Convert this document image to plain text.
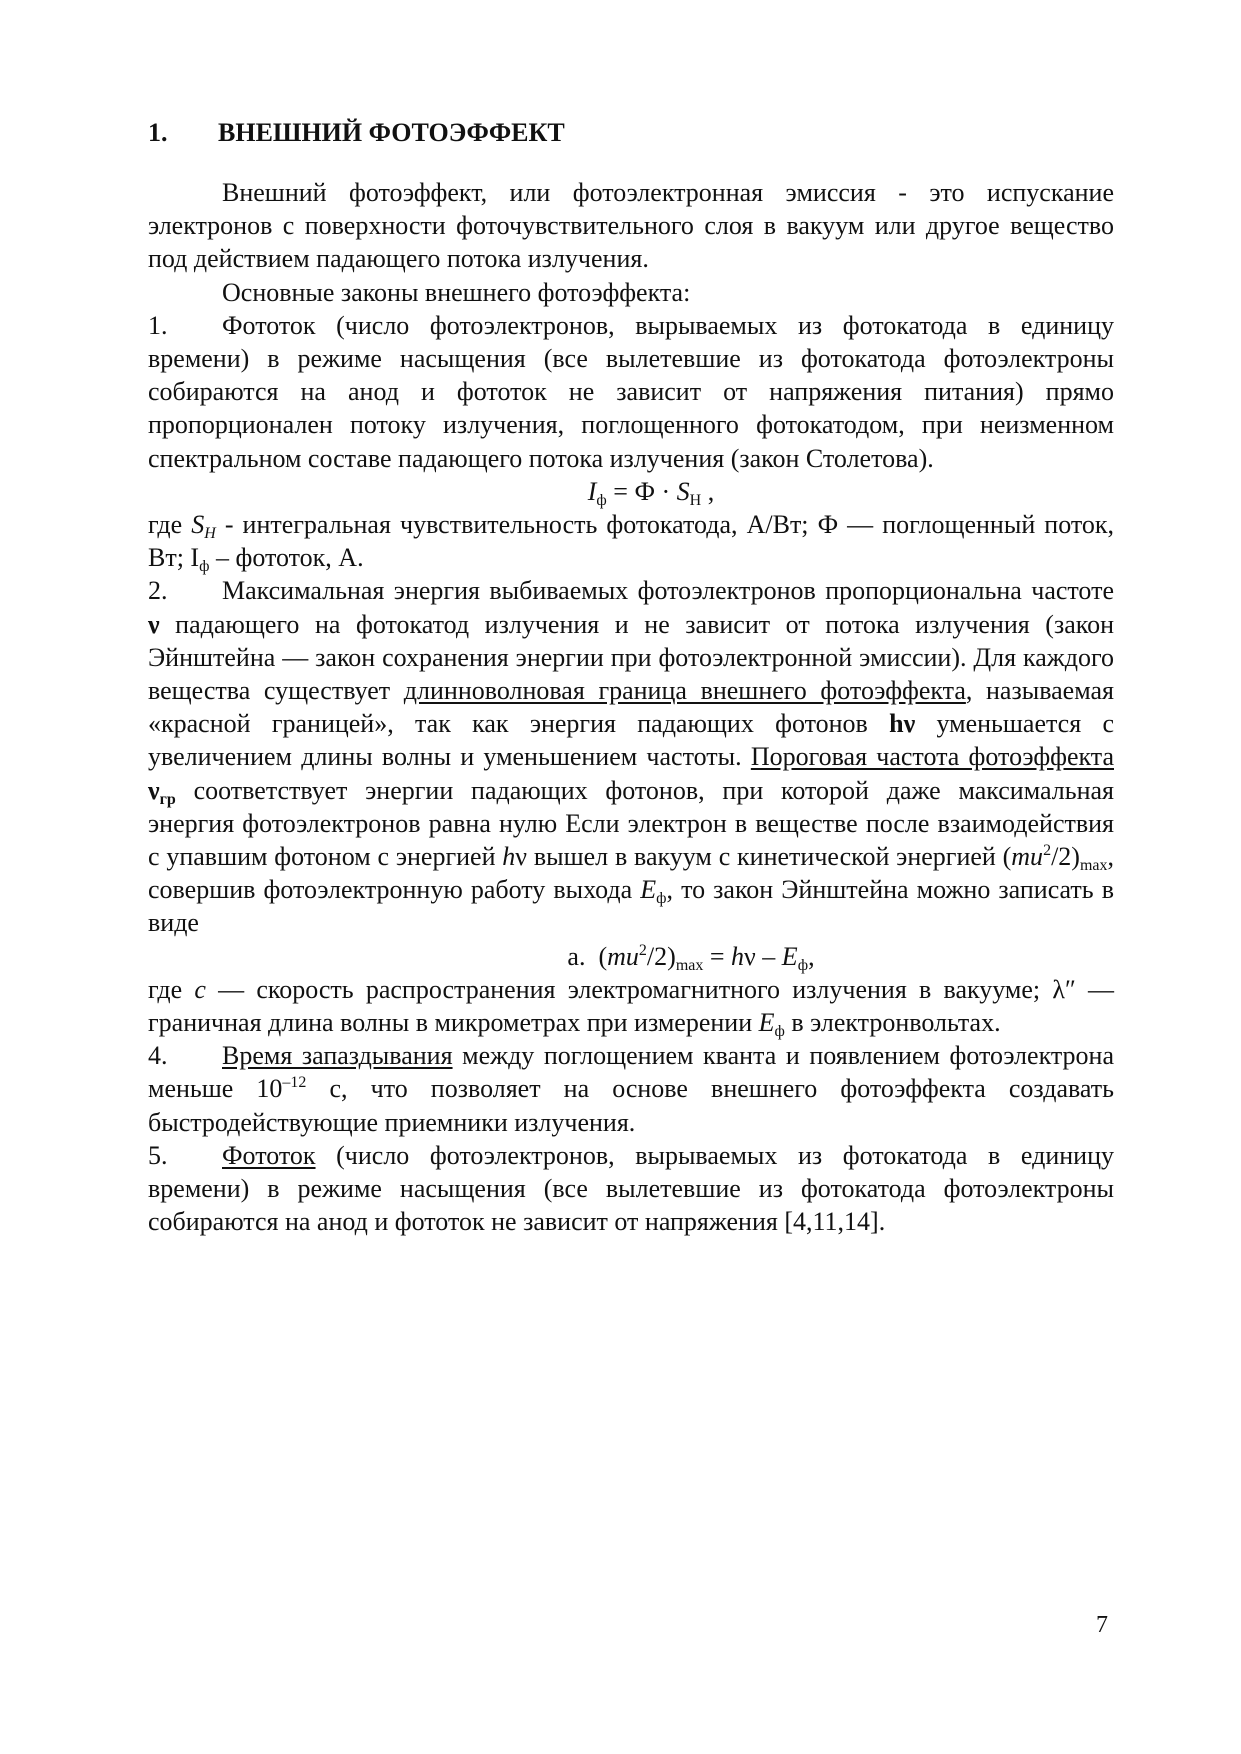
1. ВНЕШНИЙ ФОТОЭФФЕКТ

Внешний фотоэффект, или фотоэлектронная эмиссия - это испускание электронов с поверхности фоточувствительного слоя в вакуум или другое вещество под действием падающего потока излучения.

Основные законы внешнего фотоэффекта:

1. Фототок (число фотоэлектронов, вырываемых из фотокатода в единицу времени) в режиме насыщения (все вылетевшие из фотокатода фотоэлектроны собираются на анод и фототок не зависит от напряжения питания) прямо пропорционален потоку излучения, поглощенного фотокатодом, при неизменном спектральном составе падающего потока излучения (закон Столетова).

$I_ф = Ф \cdot S_Н$ ,

где $S_H$ - интегральная чувствительность фотокатода, А/Вт; Ф — поглощенный поток, Вт; $I_ф$ – фототок, А.

2. Максимальная энергия выбиваемых фотоэлектронов пропорциональна частоте ν падающего на фотокатод излучения и не зависит от потока излучения (закон Эйнштейна — закон сохранения энергии при фотоэлектронной эмиссии). Для каждого вещества существует длинноволновая граница внешнего фотоэффекта, называемая «красной границей», так как энергия падающих фотонов hν уменьшается с увеличением длины волны и уменьшением частоты. Пороговая частота фотоэффекта $\nu_{гр}$ соответствует энергии падающих фотонов, при которой даже максимальная энергия фотоэлектронов равна нулю Если электрон в веществе после взаимодействия с упавшим фотоном с энергией hν вышел в вакуум с кинетической энергией $(mu^2/2)_{max}$, совершив фотоэлектронную работу выхода $E_ф$, то закон Эйнштейна можно записать в виде

a. $(mu^2/2)_{max} = h\nu - E_ф$,

где c — скорость распространения электромагнитного излучения в вакууме; λ″ — граничная длина волны в микрометрах при измерении $E_ф$ в электронвольтах.

4. Время запаздывания между поглощением кванта и появлением фотоэлектрона меньше $10^{-12}$ с, что позволяет на основе внешнего фотоэффекта создавать быстродействующие приемники излучения.

5. Фототок (число фотоэлектронов, вырываемых из фотокатода в единицу времени) в режиме насыщения (все вылетевшие из фотокатода фотоэлектроны собираются на анод и фототок не зависит от напряжения [4,11,14].

7
